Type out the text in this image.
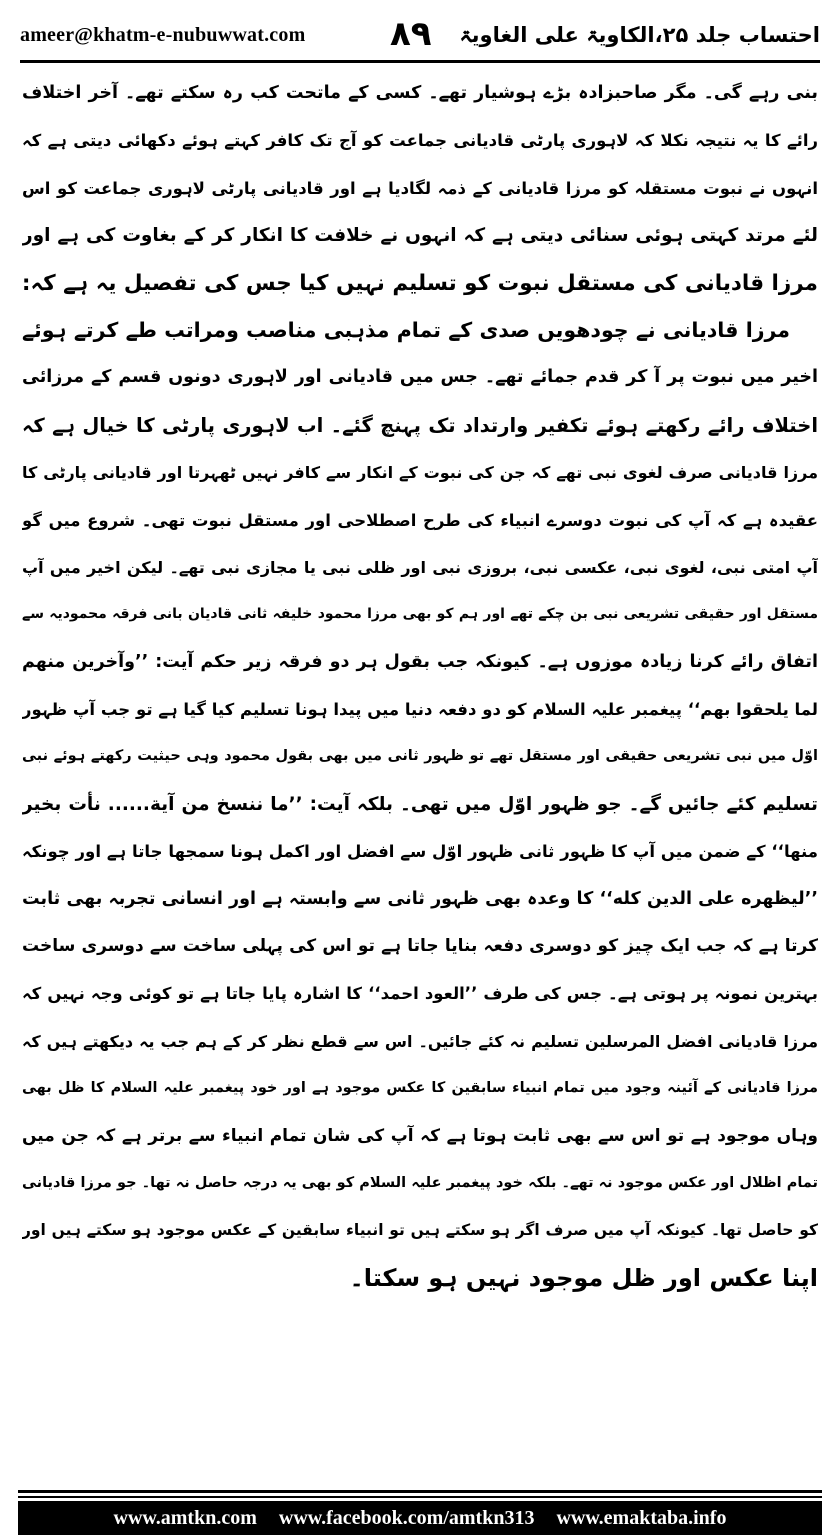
ameer@khatm-e-nubuwwat.com ۸۹ احتساب جلد ۲۵،الکاویۃ علی الغاویۃ
بنی رہے گی۔ مگر صاحبزادہ بڑے ہوشیار تھے۔ کسی کے ماتحت کب رہ سکتے تھے۔ آخر اختلاف
رائے کا یہ نتیجہ نکلا کہ لاہوری پارٹی قادیانی جماعت کو آج تک کافر کہتے ہوئے دکھائی دیتی ہے کہ
انہوں نے نبوت مستقلہ کو مرزا قادیانی کے ذمہ لگادیا ہے اور قادیانی پارٹی لاہوری جماعت کو اس
لئے مرتد کہتی ہوئی سنائی دیتی ہے کہ انہوں نے خلافت کا انکار کر کے بغاوت کی ہے اور
مرزا قادیانی کی مستقل نبوت کو تسلیم نہیں کیا جس کی تفصیل یہ ہے کہ:
مرزا قادیانی نے چودھویں صدی کے تمام مذہبی مناصب ومراتب طے کرتے ہوئے
اخیر میں نبوت پر آ کر قدم جمائے تھے۔ جس میں قادیانی اور لاہوری دونوں قسم کے مرزائی
اختلاف رائے رکھتے ہوئے تکفیر وارتداد تک پہنچ گئے۔ اب لاہوری پارٹی کا خیال ہے کہ
مرزا قادیانی صرف لغوی نبی تھے کہ جن کی نبوت کے انکار سے کافر نہیں ٹھہرتا اور قادیانی پارٹی کا
عقیدہ ہے کہ آپ کی نبوت دوسرے انبیاء کی طرح اصطلاحی اور مستقل نبوت تھی۔ شروع میں گو
آپ امتی نبی، لغوی نبی، عکسی نبی، بروزی نبی اور ظلی نبی یا مجازی نبی تھے۔ لیکن اخیر میں آپ
مستقل اور حقیقی تشریعی نبی بن چکے تھے اور ہم کو بھی مرزا محمود خلیفہ ثانی قادیان بانی فرقہ محمودیہ سے
اتفاق رائے کرنا زیادہ موزوں ہے۔ کیونکہ جب بقول ہر دو فرقہ زیر حکم آیت: ’’وآخرین منهم
لما یلحقوا بهم‘‘ پیغمبر علیہ السلام کو دو دفعہ دنیا میں پیدا ہونا تسلیم کیا گیا ہے تو جب آپ ظہور
اوّل میں نبی تشریعی حقیقی اور مستقل تھے تو ظہور ثانی میں بھی بقول محمود وہی حیثیت رکھتے ہوئے نبی
تسلیم کئے جائیں گے۔ جو ظہور اوّل میں تھی۔ بلکہ آیت: ’’ما ننسخ من آیة...... نأت بخیر
منها‘‘ کے ضمن میں آپ کا ظہور ثانی ظہور اوّل سے افضل اور اکمل ہونا سمجھا جاتا ہے اور چونکہ
’’لیظهره علی الدین کله‘‘ کا وعدہ بھی ظہور ثانی سے وابستہ ہے اور انسانی تجربہ بھی ثابت
کرتا ہے کہ جب ایک چیز کو دوسری دفعہ بنایا جاتا ہے تو اس کی پہلی ساخت سے دوسری ساخت
بہترین نمونہ پر ہوتی ہے۔ جس کی طرف ’’العود احمد‘‘ کا اشارہ پایا جاتا ہے تو کوئی وجہ نہیں کہ
مرزا قادیانی افضل المرسلین تسلیم نہ کئے جائیں۔ اس سے قطع نظر کر کے ہم جب یہ دیکھتے ہیں کہ
مرزا قادیانی کے آئینہ وجود میں تمام انبیاء سابقین کا عکس موجود ہے اور خود پیغمبر علیہ السلام کا ظل بھی
وہاں موجود ہے تو اس سے بھی ثابت ہوتا ہے کہ آپ کی شان تمام انبیاء سے برتر ہے کہ جن میں
تمام اظلال اور عکس موجود نہ تھے۔ بلکہ خود پیغمبر علیہ السلام کو بھی یہ درجہ حاصل نہ تھا۔ جو مرزا قادیانی
کو حاصل تھا۔ کیونکہ آپ میں صرف اگر ہو سکتے ہیں تو انبیاء سابقین کے عکس موجود ہو سکتے ہیں اور
اپنا عکس اور ظل موجود نہیں ہو سکتا۔
www.amtkn.com www.facebook.com/amtkn313 www.emaktaba.info
